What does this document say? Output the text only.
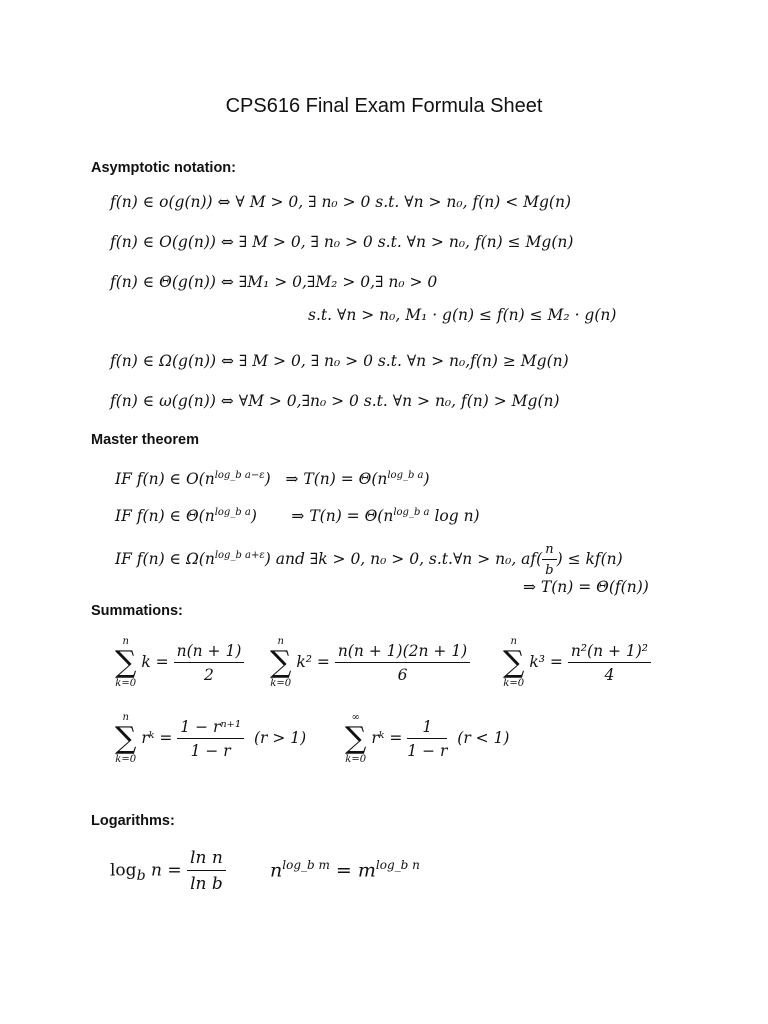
CPS616 Final Exam Formula Sheet
Asymptotic notation:
f(n) ∈ o(g(n)) ⇔ ∀ M > 0, ∃ n₀ > 0 s.t. ∀n > n₀, f(n) < Mg(n)
f(n) ∈ O(g(n)) ⇔ ∃ M > 0, ∃ n₀ > 0 s.t. ∀n > n₀, f(n) ≤ Mg(n)
f(n) ∈ Θ(g(n)) ⇔ ∃M₁ > 0,∃M₂ > 0,∃ n₀ > 0
s.t. ∀n > n₀, M₁ · g(n) ≤ f(n) ≤ M₂ · g(n)
f(n) ∈ Ω(g(n)) ⇔ ∃ M > 0, ∃ n₀ > 0 s.t. ∀n > n₀,f(n) ≥ Mg(n)
f(n) ∈ ω(g(n)) ⇔ ∀M > 0,∃n₀ > 0 s.t. ∀n > n₀, f(n) > Mg(n)
Master theorem
IF f(n) ∈ $O(n^{log\_b a-\varepsilon})$   ⇒ $T(n) = \Theta(n^{log\_b a})$
IF f(n) ∈ $\Theta(n^{log\_b a})$       ⇒ $T(n) = \Theta(n^{log\_b a}$ log n)
IF f(n) ∈ $\Omega(n^{log\_b a+\varepsilon})$ and ∃k > 0, n₀ > 0, s.t.∀n > n₀, $af( \frac{n}{b}$ ) ≤ kf(n)
⇒ T(n) = Θ(f(n))
Summations:
n
∑
k=0
$k = \frac{n(n + 1)}{2}$
n
∑
k=0
$k^2 = \frac{n(n + 1)(2n + 1)}{6}$
n
∑
k=0
$k^3 = \frac{\text{n²(n + 1)²}}{4}$
n
∑
k=0
rᵏ = $\frac{\text{1 − rⁿ⁺¹}}{1 - r} (r > 1)$
∞
∑
k=0
rᵏ = $\frac{1}{1 - r} (r < 1)$
Logarithms:
$\log_b n = \frac{\text{ln n}}{\text{ln b}} n^{log\_b m} = m^{log\_b n}$
